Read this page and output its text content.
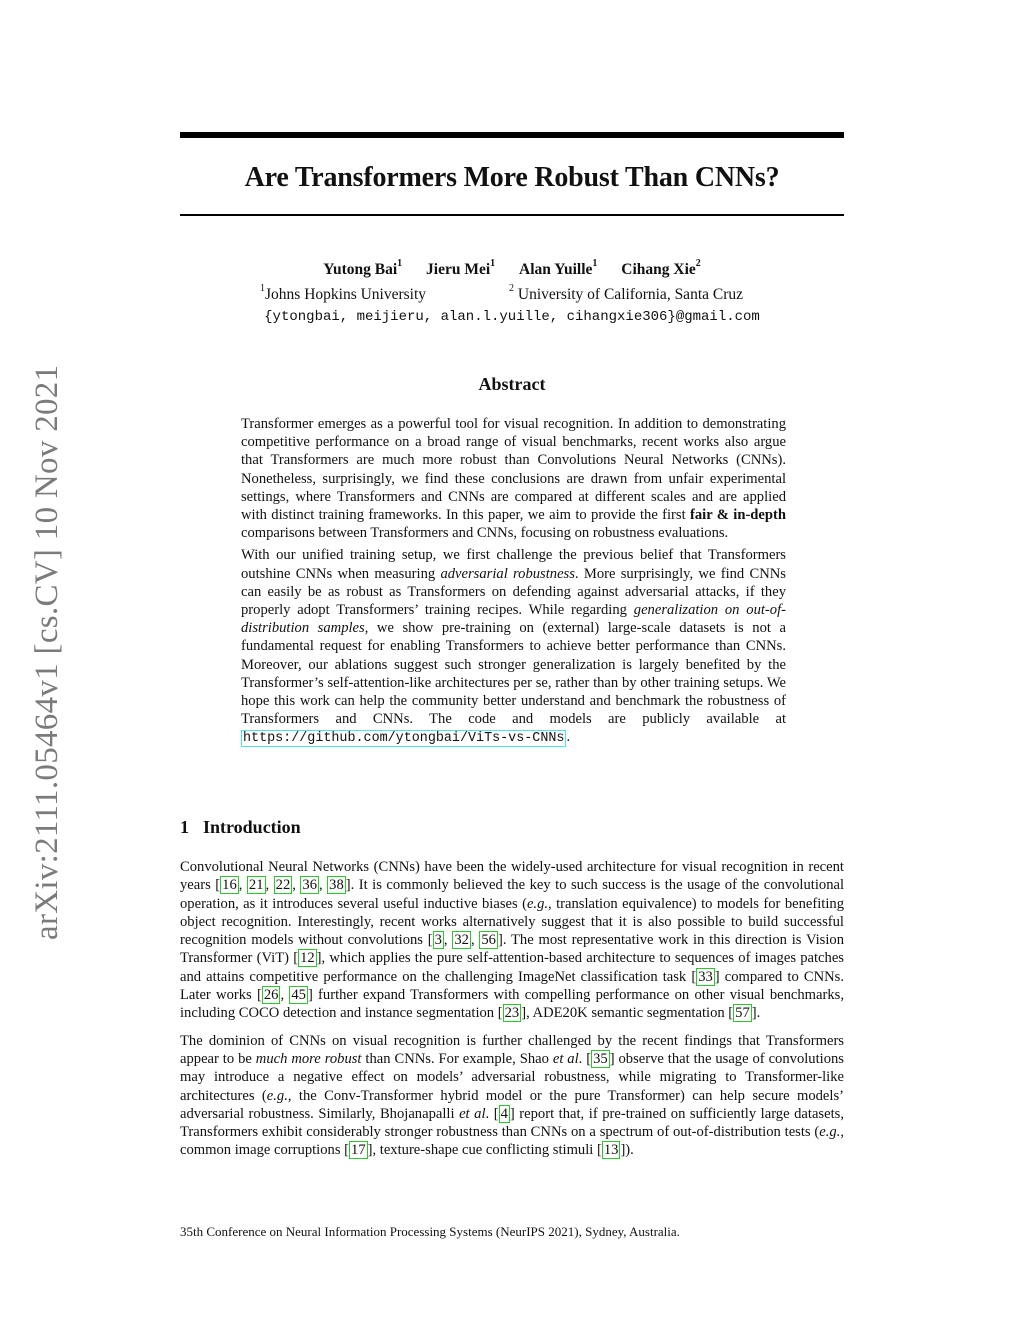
arXiv:2111.05464v1 [cs.CV] 10 Nov 2021
Are Transformers More Robust Than CNNs?
Yutong Bai$^1$ Jieru Mei$^1$ Alan Yuille$^1$ Cihang Xie$^2$
$^1$Johns Hopkins University	$^2$ University of California, Santa Cruz
{ytongbai, meijieru, alan.l.yuille, cihangxie306}@gmail.com
Abstract

Transformer emerges as a powerful tool for visual recognition. In addition to demonstrating competitive performance on a broad range of visual benchmarks, recent works also argue that Transformers are much more robust than Convolutions Neural Networks (CNNs). Nonetheless, surprisingly, we find these conclusions are drawn from unfair experimental settings, where Transformers and CNNs are compared at different scales and are applied with distinct training frameworks. In this paper, we aim to provide the first fair & in-depth comparisons between Transformers and CNNs, focusing on robustness evaluations.

With our unified training setup, we first challenge the previous belief that Transformers outshine CNNs when measuring adversarial robustness. More surprisingly, we find CNNs can easily be as robust as Transformers on defending against adversarial attacks, if they properly adopt Transformers’ training recipes. While regarding generalization on out-of-distribution samples, we show pre-training on (external) large-scale datasets is not a fundamental request for enabling Transformers to achieve better performance than CNNs. Moreover, our ablations suggest such stronger generalization is largely benefited by the Transformer’s self-attention-like architectures per se, rather than by other training setups. We hope this work can help the community better understand and benchmark the robustness of Transformers and CNNs. The code and models are publicly available at https://github.com/ytongbai/ViTs-vs-CNNs .

1 Introduction

Convolutional Neural Networks (CNNs) have been the widely-used architecture for visual recognition in recent years [ 16 , 21 , 22 , 36 , 38 ]. It is commonly believed the key to such success is the usage of the convolutional operation, as it introduces several useful inductive biases (e.g., translation equivalence) to models for benefiting object recognition. Interestingly, recent works alternatively suggest that it is also possible to build successful recognition models without convolutions [ 3 , 32 , 56 ]. The most representative work in this direction is Vision Transformer (ViT) [ 12 ], which applies the pure self-attention-based architecture to sequences of images patches and attains competitive performance on the challenging ImageNet classification task [ 33 ] compared to CNNs. Later works [ 26 , 45 ] further expand Transformers with compelling performance on other visual benchmarks, including COCO detection and instance segmentation [ 23 ], ADE20K semantic segmentation [ 57 ].

The dominion of CNNs on visual recognition is further challenged by the recent findings that Transformers appear to be much more robust than CNNs. For example, Shao et al. [ 35 ] observe that the usage of convolutions may introduce a negative effect on models’ adversarial robustness, while migrating to Transformer-like architectures (e.g., the Conv-Transformer hybrid model or the pure Transformer) can help secure models’ adversarial robustness. Similarly, Bhojanapalli et al. [ 4 ] report that, if pre-trained on sufficiently large datasets, Transformers exhibit considerably stronger robustness than CNNs on a spectrum of out-of-distribution tests (e.g., common image corruptions [ 17 ], texture-shape cue conflicting stimuli [ 13 ]).

35th Conference on Neural Information Processing Systems (NeurIPS 2021), Sydney, Australia.
